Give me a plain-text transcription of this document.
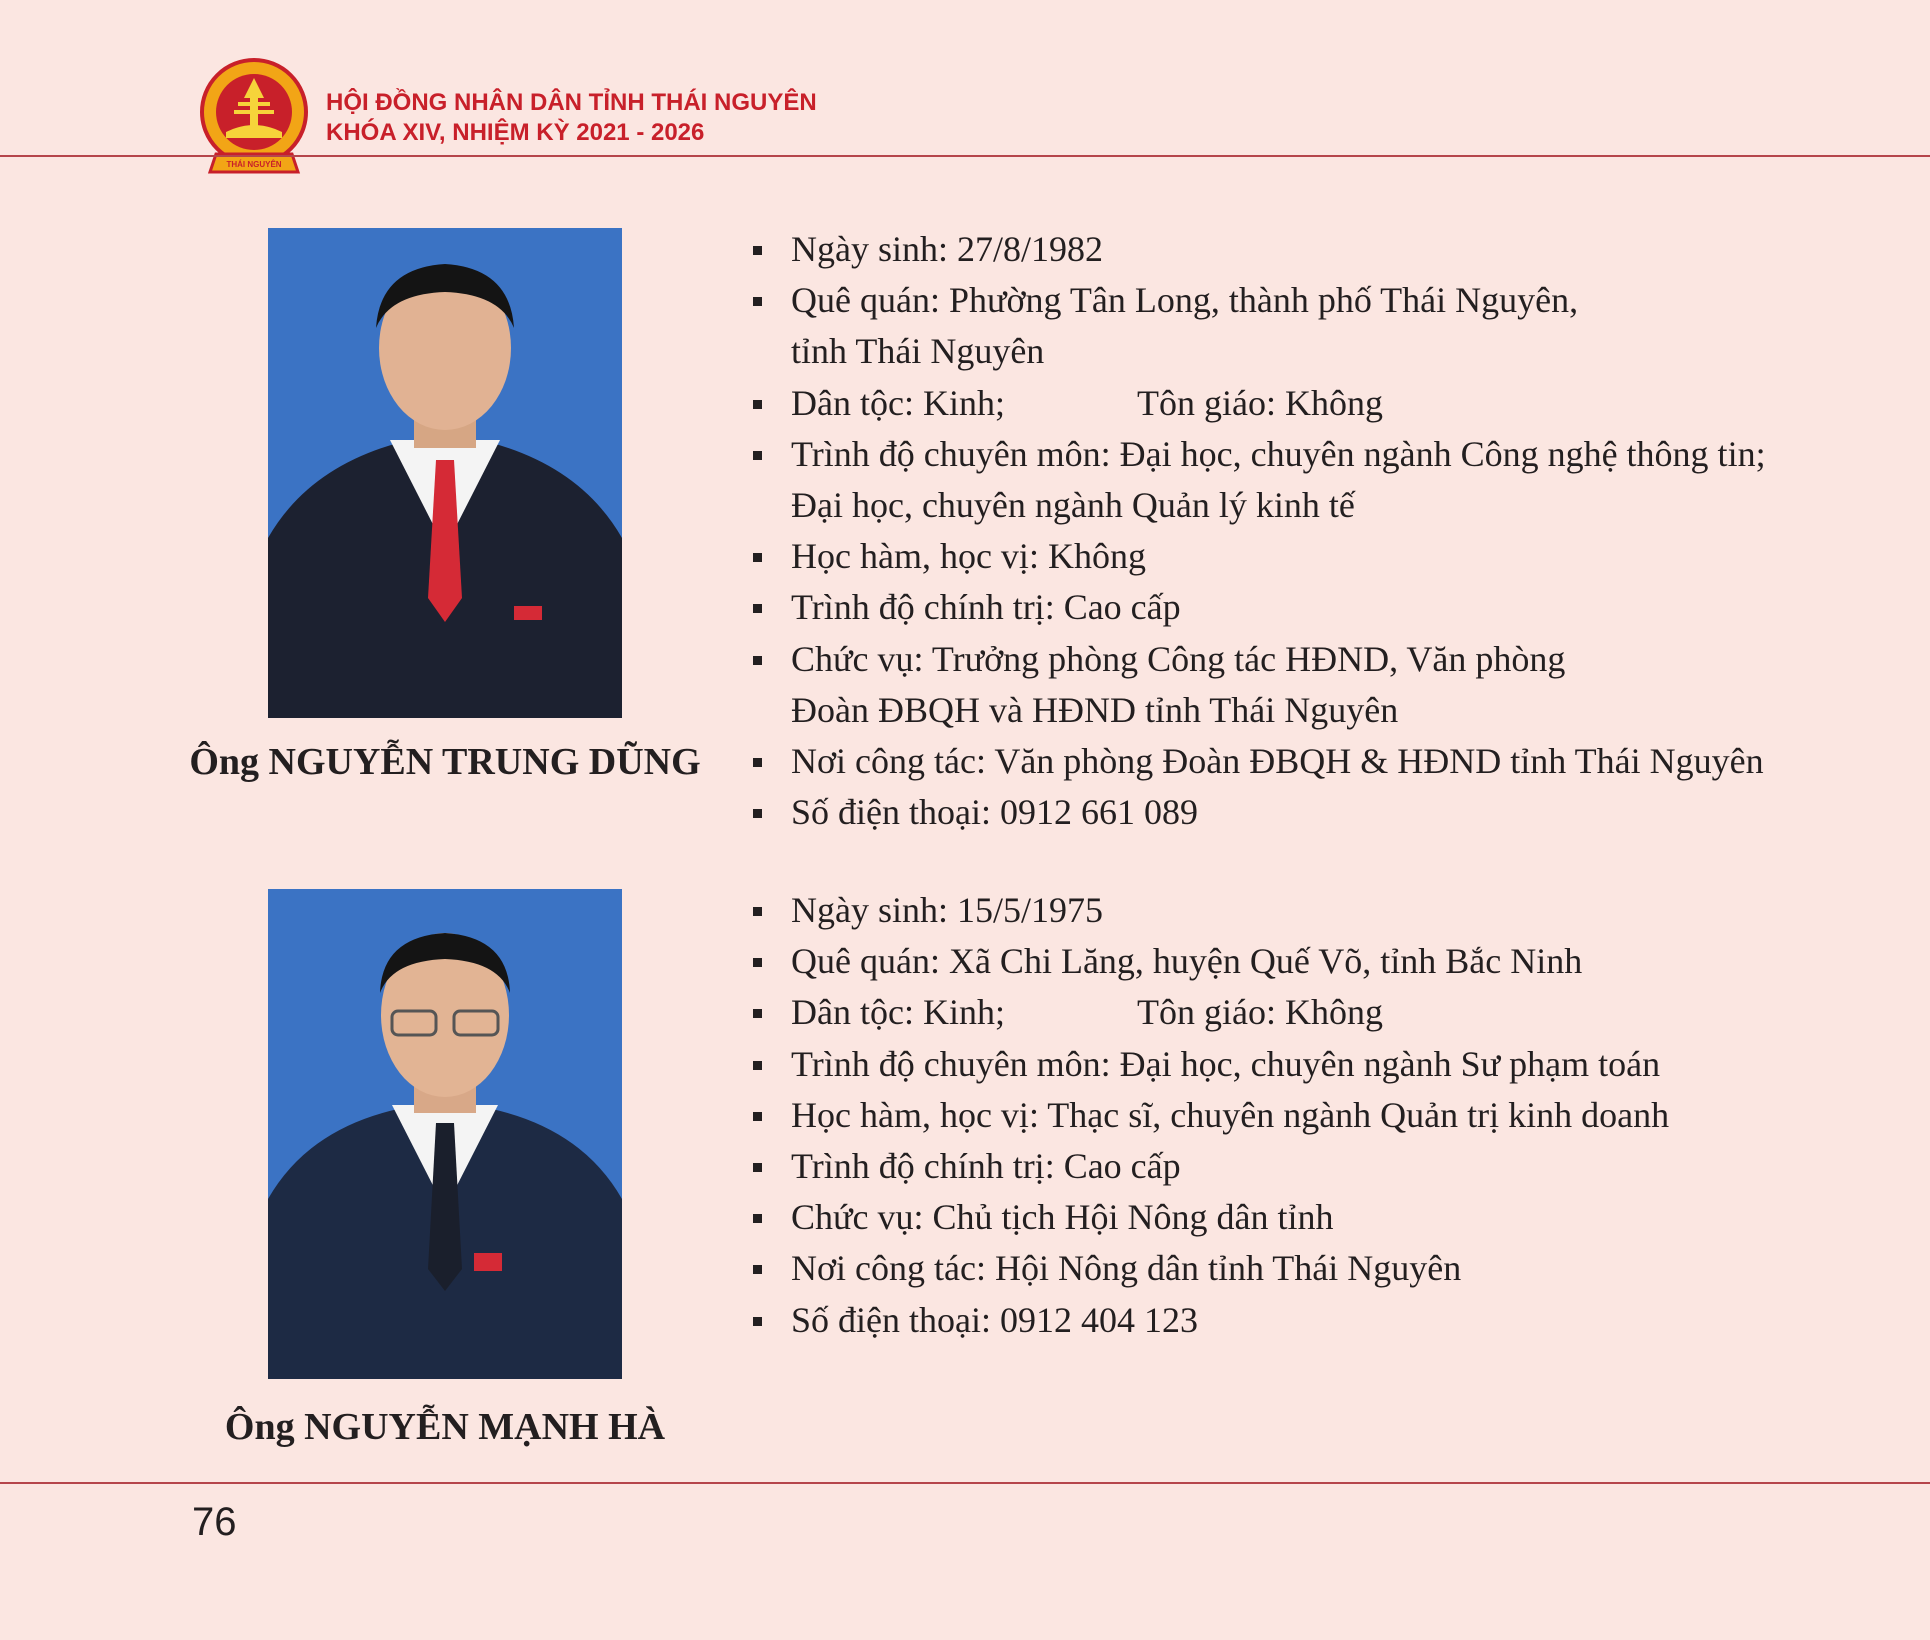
THÁI NGUYÊN
HỘI ĐỒNG NHÂN DÂN TỈNH THÁI NGUYÊN
KHÓA XIV, NHIỆM KỲ 2021 - 2026
Ông NGUYỄN TRUNG DŨNG
Ngày sinh: 27/8/1982
Quê quán: Phường Tân Long, thành phố Thái Nguyên,
tỉnh Thái Nguyên
Dân tộc: Kinh;	Tôn giáo: Không
Trình độ chuyên môn: Đại học, chuyên ngành Công nghệ thông tin;
Đại học, chuyên ngành Quản lý kinh tế
Học hàm, học vị: Không
Trình độ chính trị: Cao cấp
Chức vụ: Trưởng phòng Công tác HĐND, Văn phòng
Đoàn ĐBQH và HĐND tỉnh Thái Nguyên
Nơi công tác: Văn phòng Đoàn ĐBQH & HĐND tỉnh Thái Nguyên
Số điện thoại: 0912 661 089
Ông NGUYỄN MẠNH HÀ
Ngày sinh: 15/5/1975
Quê quán: Xã Chi Lăng, huyện Quế Võ, tỉnh Bắc Ninh
Dân tộc: Kinh;	Tôn giáo: Không
Trình độ chuyên môn: Đại học, chuyên ngành Sư phạm toán
Học hàm, học vị: Thạc sĩ, chuyên ngành Quản trị kinh doanh
Trình độ chính trị: Cao cấp
Chức vụ: Chủ tịch Hội Nông dân tỉnh
Nơi công tác: Hội Nông dân tỉnh Thái Nguyên
Số điện thoại: 0912 404 123
76
